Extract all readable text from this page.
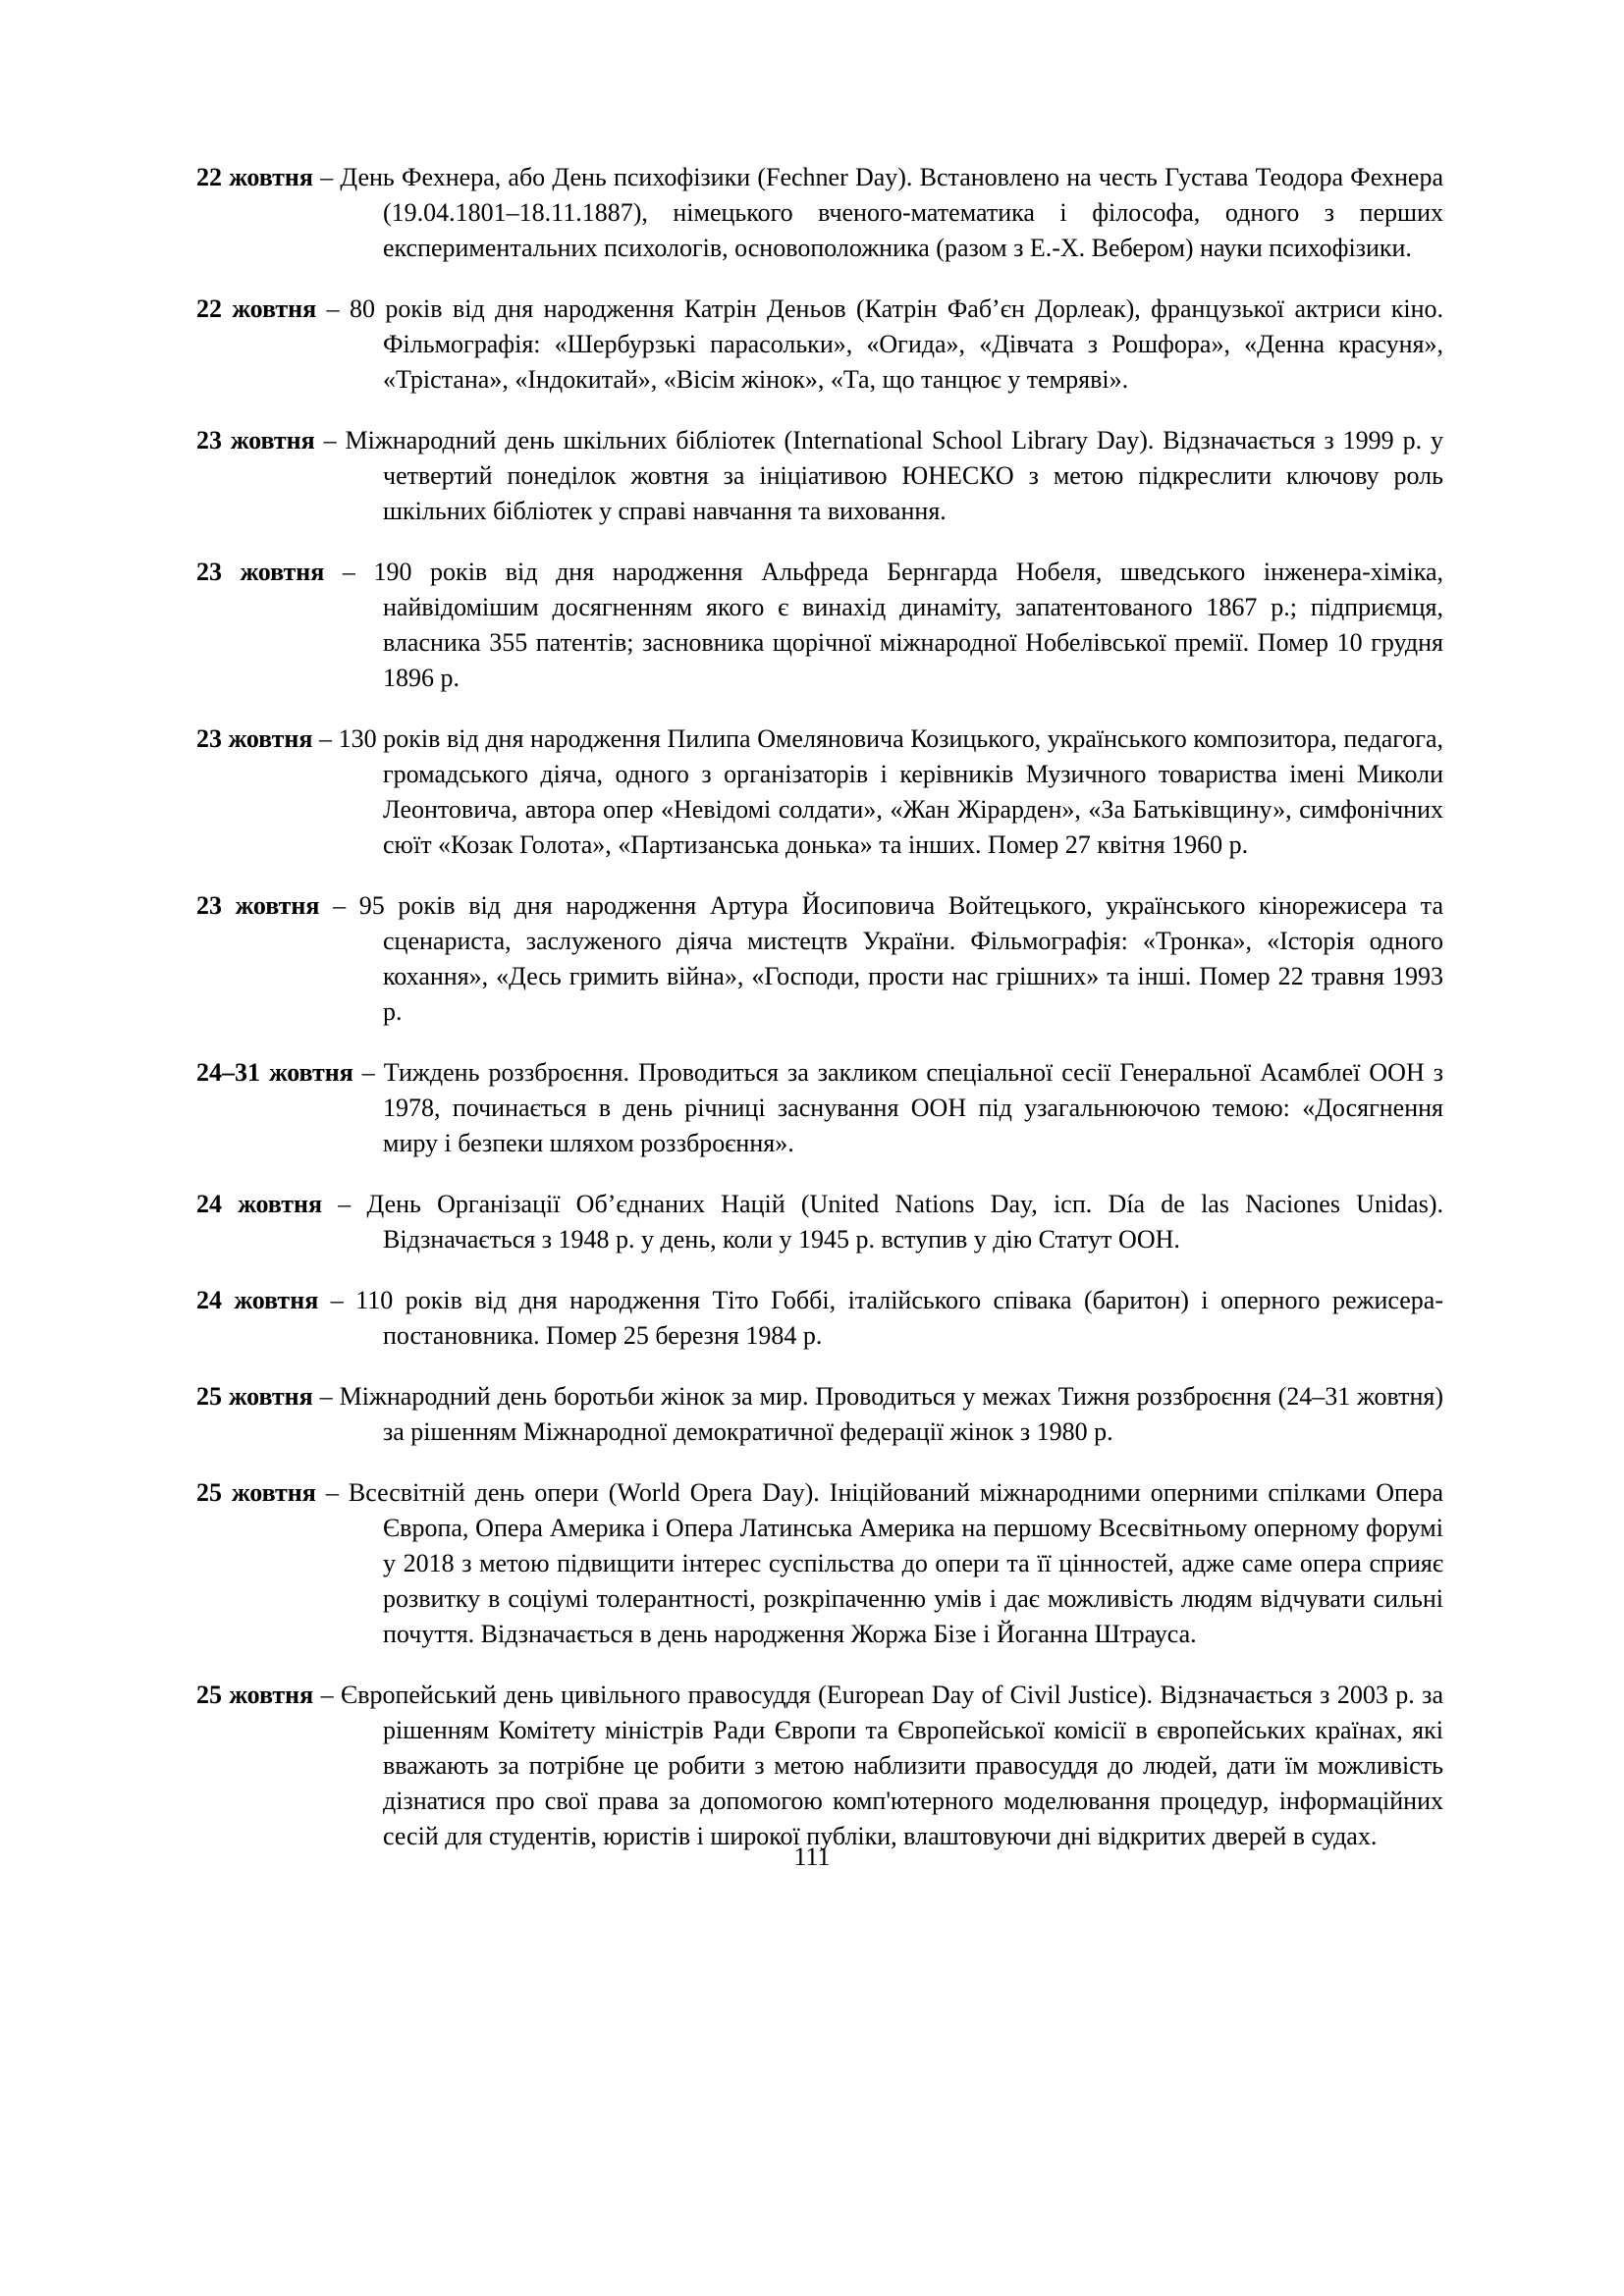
22 жовтня – День Фехнера, або День психофізики (Fechner Day). Встановлено на честь Густава Теодора Фехнера (19.04.1801–18.11.1887), німецького вченого-математика і філософа, одного з перших експериментальних психологів, основоположника (разом з Е.-Х. Вебером) науки психофізики.

22 жовтня – 80 років від дня народження Катрін Деньов (Катрін Фаб’єн Дорлеак), французької актриси кіно. Фільмографія: «Шербурзькі парасольки», «Огида», «Дівчата з Рошфора», «Денна красуня», «Трістана», «Індокитай», «Вісім жінок», «Та, що танцює у темряві».

23 жовтня – Міжнародний день шкільних бібліотек (International School Library Day). Відзначається з 1999 р. у четвертий понеділок жовтня за ініціативою ЮНЕСКО з метою підкреслити ключову роль шкільних бібліотек у справі навчання та виховання.

23 жовтня – 190 років від дня народження Альфреда Бернгарда Нобеля, шведського інженера-хіміка, найвідомішим досягненням якого є винахід динаміту, запатентованого 1867 р.; підприємця, власника 355 патентів; засновника щорічної міжнародної Нобелівської премії. Помер 10 грудня 1896 р.

23 жовтня – 130 років від дня народження Пилипа Омеляновича Козицького, українського композитора, педагога, громадського діяча, одного з організаторів і керівників Музичного товариства імені Миколи Леонтовича, автора опер «Невідомі солдати», «Жан Жірарден», «За Батьківщину», симфонічних сюїт «Козак Голота», «Партизанська донька» та інших. Помер 27 квітня 1960 р.

23 жовтня – 95 років від дня народження Артура Йосиповича Войтецького, українського кінорежисера та сценариста, заслуженого діяча мистецтв України. Фільмографія: «Тронка», «Історія одного кохання», «Десь гримить війна», «Господи, прости нас грішних» та інші. Помер 22 травня 1993 р.

24–31 жовтня – Тиждень роззброєння. Проводиться за закликом спеціальної сесії Генеральної Асамблеї ООН з 1978, починається в день річниці заснування ООН під узагальнюючою темою: «Досягнення миру і безпеки шляхом роззброєння».

24 жовтня – День Організації Об’єднаних Націй (United Nations Day, ісп. Día de las Naciones Unidas). Відзначається з 1948 р. у день, коли у 1945 р. вступив у дію Статут ООН.

24 жовтня – 110 років від дня народження Тіто Гоббі, італійського співака (баритон) і оперного режисера-постановника. Помер 25 березня 1984 р.

25 жовтня – Міжнародний день боротьби жінок за мир. Проводиться у межах Тижня роззброєння (24–31 жовтня) за рішенням Міжнародної демократичної федерації жінок з 1980 р.

25 жовтня – Всесвітній день опери (World Opera Day). Ініційований міжнародними оперними спілками Опера Європа, Опера Америка і Опера Латинська Америка на першому Всесвітньому оперному форумі у 2018 з метою підвищити інтерес суспільства до опери та її цінностей, адже саме опера сприяє розвитку в соціумі толерантності, розкріпаченню умів і дає можливість людям відчувати сильні почуття. Відзначається в день народження Жоржа Бізе і Йоганна Штрауса.

25 жовтня – Європейський день цивільного правосуддя (European Day of Civil Justice). Відзначається з 2003 р. за рішенням Комітету міністрів Ради Європи та Європейської комісії в європейських країнах, які вважають за потрібне це робити з метою наблизити правосуддя до людей, дати їм можливість дізнатися про свої права за допомогою комп'ютерного моделювання процедур, інформаційних сесій для студентів, юристів і широкої публіки, влаштовуючи дні відкритих дверей в судах.

111
